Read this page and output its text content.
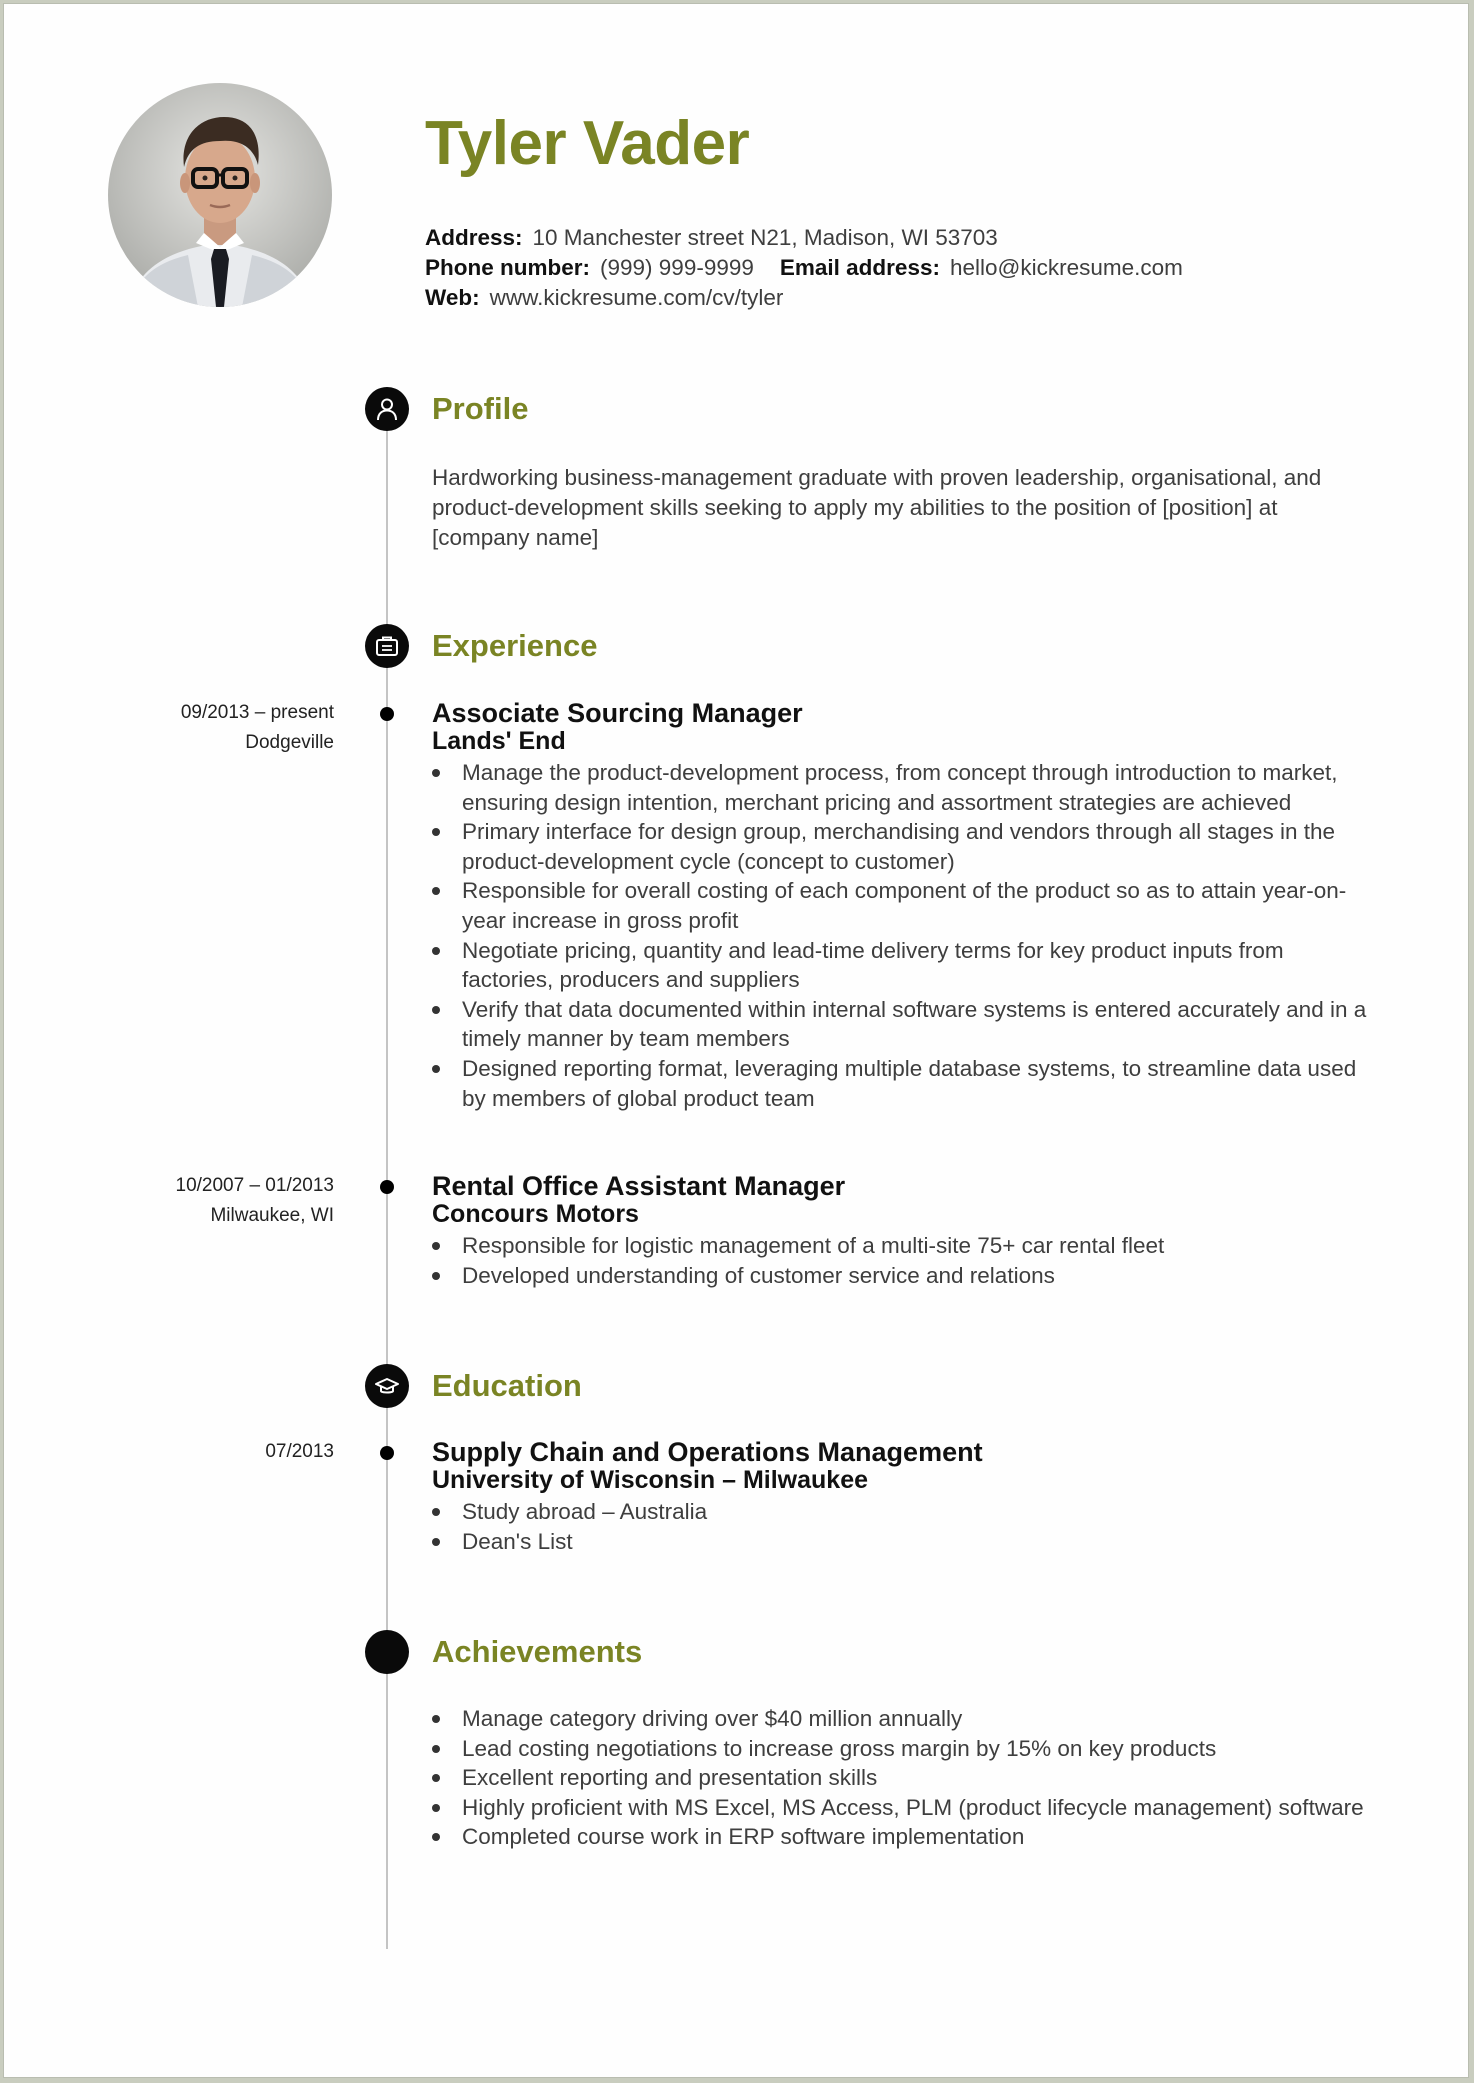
Tyler Vader
Address: 10 Manchester street N21, Madison, WI 53703
Phone number: (999) 999-9999 Email address: hello@kickresume.com
Web: www.kickresume.com/cv/tyler
Profile
Hardworking business-management graduate with proven leadership, organisational, and product-development skills seeking to apply my abilities to the position of [position] at [company name]
Experience
09/2013 – present
Dodgeville
Associate Sourcing Manager
Lands' End
Manage the product-development process, from concept through introduction to market, ensuring design intention, merchant pricing and assortment strategies are achieved
Primary interface for design group, merchandising and vendors through all stages in the product-development cycle (concept to customer)
Responsible for overall costing of each component of the product so as to attain year-on-year increase in gross profit
Negotiate pricing, quantity and lead-time delivery terms for key product inputs from factories, producers and suppliers
Verify that data documented within internal software systems is entered accurately and in a timely manner by team members
Designed reporting format, leveraging multiple database systems, to streamline data used by members of global product team
10/2007 – 01/2013
Milwaukee, WI
Rental Office Assistant Manager
Concours Motors
Responsible for logistic management of a multi-site 75+ car rental fleet
Developed understanding of customer service and relations
Education
07/2013	Supply Chain and Operations Management
University of Wisconsin – Milwaukee
Study abroad – Australia
Dean's List
Achievements
Manage category driving over $40 million annually
Lead costing negotiations to increase gross margin by 15% on key products
Excellent reporting and presentation skills
Highly proficient with MS Excel, MS Access, PLM (product lifecycle management) software
Completed course work in ERP software implementation
